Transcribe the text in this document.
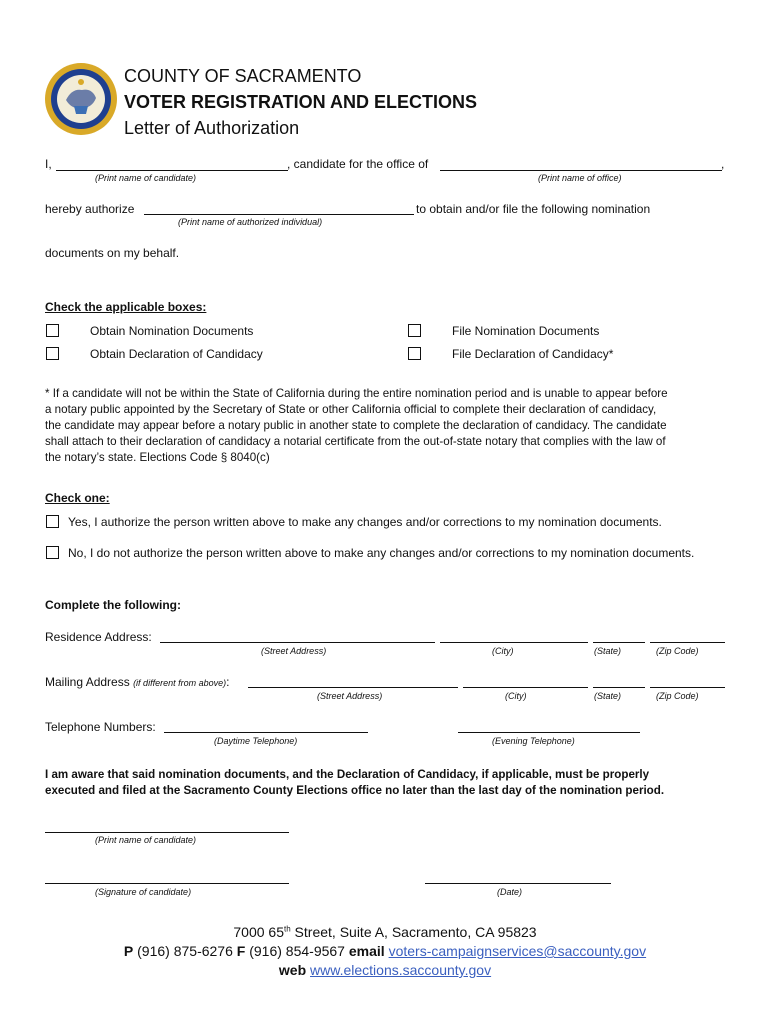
COUNTY OF SACRAMENTO
VOTER REGISTRATION AND ELECTIONS
Letter of Authorization
I,	, candidate for the office of	,
(Print name of candidate)	(Print name of office)
hereby authorize	to obtain and/or file the following nomination
(Print name of authorized individual)
documents on my behalf.
Check the applicable boxes:
Obtain Nomination Documents	File Nomination Documents
Obtain Declaration of Candidacy	File Declaration of Candidacy*
* If a candidate will not be within the State of California during the entire nomination period and is unable to appear before
a notary public appointed by the Secretary of State or other California official to complete their declaration of candidacy,
the candidate may appear before a notary public in another state to complete the declaration of candidacy. The candidate
shall attach to their declaration of candidacy a notarial certificate from the out-of-state notary that complies with the law of
the notary’s state. Elections Code § 8040(c)
Check one:
Yes, I authorize the person written above to make any changes and/or corrections to my nomination documents.
No, I do not authorize the person written above to make any changes and/or corrections to my nomination documents.
Complete the following:
Residence Address:
(Street Address)	(City)	(State)	(Zip Code)
Mailing Address (if different from above):
(Street Address)	(City)	(State)	(Zip Code)
Telephone Numbers:
(Daytime Telephone)	(Evening Telephone)
I am aware that said nomination documents, and the Declaration of Candidacy, if applicable, must be properly
executed and filed at the Sacramento County Elections office no later than the last day of the nomination period.
(Print name of candidate)
(Signature of candidate)	(Date)
7000 65th Street, Suite A, Sacramento, CA 95823
P (916) 875-6276 F (916) 854-9567 email voters-campaignservices@saccounty.gov
web www.elections.saccounty.gov
